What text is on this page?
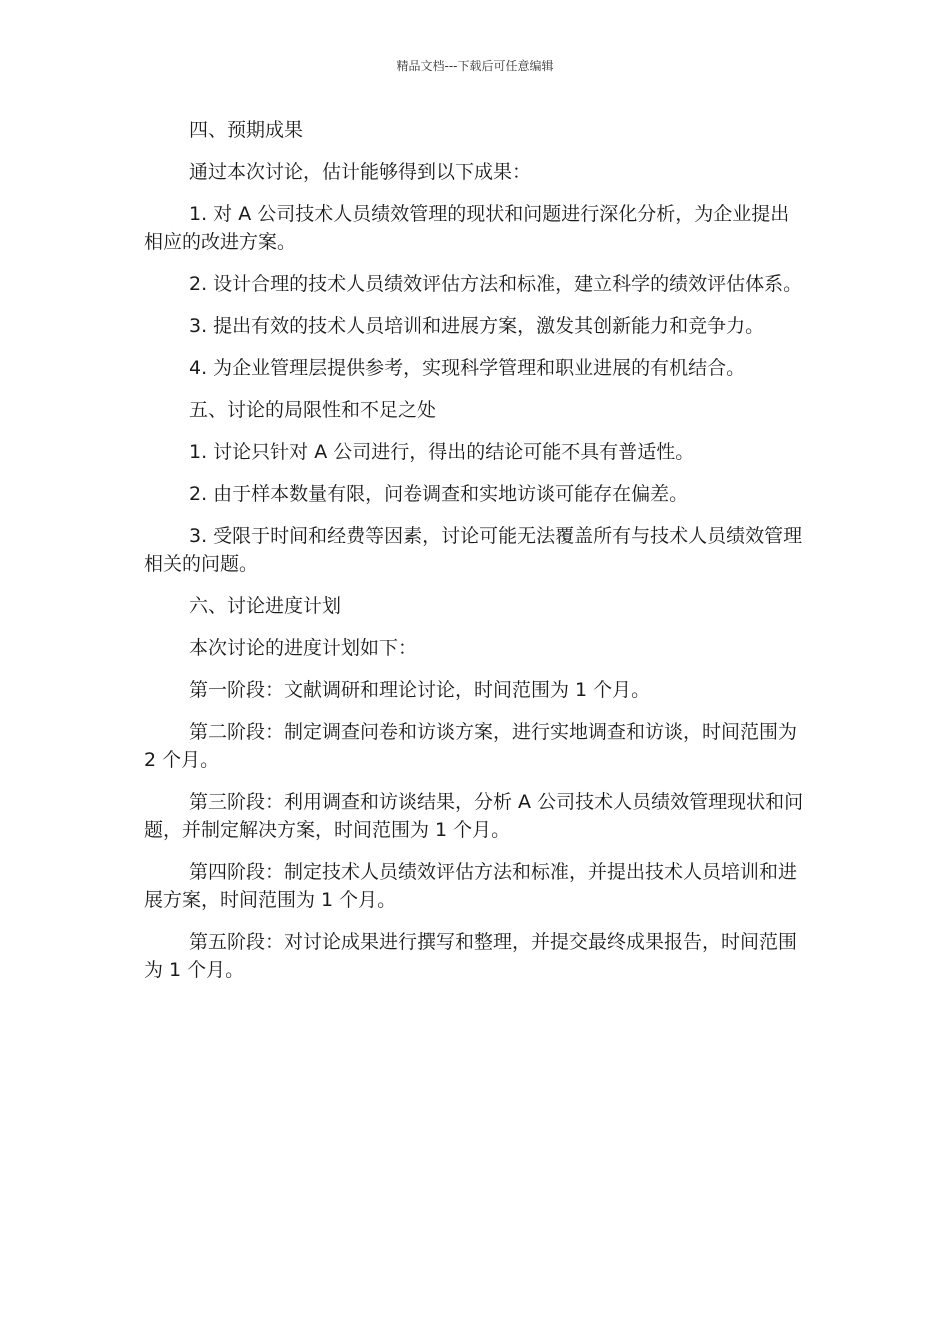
精品文档---下载后可任意编辑

四、预期成果

通过本次讨论，估计能够得到以下成果：

1. 对 A 公司技术人员绩效管理的现状和问题进行深化分析，为企业提出相应的改进方案。

2. 设计合理的技术人员绩效评估方法和标准，建立科学的绩效评估体系。

3. 提出有效的技术人员培训和进展方案，激发其创新能力和竞争力。

4. 为企业管理层提供参考，实现科学管理和职业进展的有机结合。

五、讨论的局限性和不足之处

1. 讨论只针对 A 公司进行，得出的结论可能不具有普适性。

2. 由于样本数量有限，问卷调查和实地访谈可能存在偏差。

3. 受限于时间和经费等因素，讨论可能无法覆盖所有与技术人员绩效管理相关的问题。

六、讨论进度计划

本次讨论的进度计划如下：

第一阶段：文献调研和理论讨论，时间范围为 1 个月。

第二阶段：制定调查问卷和访谈方案，进行实地调查和访谈，时间范围为 2 个月。

第三阶段：利用调查和访谈结果，分析 A 公司技术人员绩效管理现状和问题，并制定解决方案，时间范围为 1 个月。

第四阶段：制定技术人员绩效评估方法和标准，并提出技术人员培训和进展方案，时间范围为 1 个月。

第五阶段：对讨论成果进行撰写和整理，并提交最终成果报告，时间范围为 1 个月。
